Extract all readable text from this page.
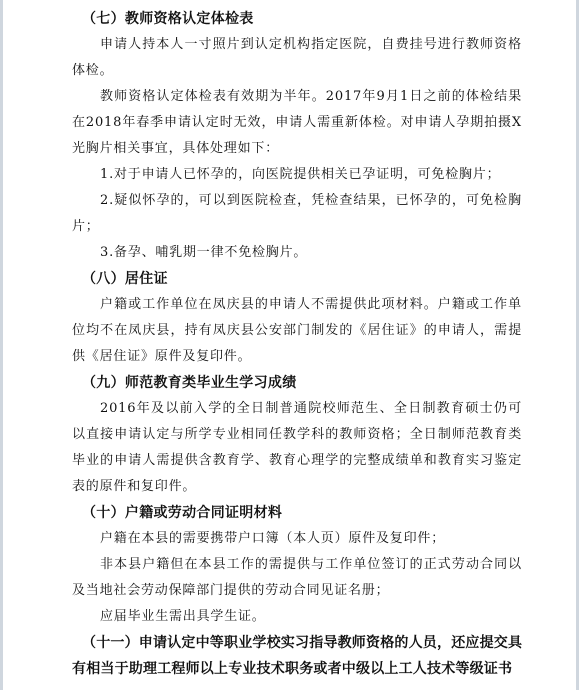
（七）教师资格认定体检表

申请人持本人一寸照片到认定机构指定医院，自费挂号进行教师资格体检。

教师资格认定体检表有效期为半年。2017年9月1日之前的体检结果在2018年春季申请认定时无效，申请人需重新体检。对申请人孕期拍摄X光胸片相关事宜，具体处理如下：

1.对于申请人已怀孕的，向医院提供相关已孕证明，可免检胸片；

2.疑似怀孕的，可以到医院检查，凭检查结果，已怀孕的，可免检胸片；

3.备孕、哺乳期一律不免检胸片。

（八）居住证

户籍或工作单位在凤庆县的申请人不需提供此项材料。户籍或工作单位均不在凤庆县，持有凤庆县公安部门制发的《居住证》的申请人，需提供《居住证》原件及复印件。

（九）师范教育类毕业生学习成绩

2016年及以前入学的全日制普通院校师范生、全日制教育硕士仍可以直接申请认定与所学专业相同任教学科的教师资格；全日制师范教育类毕业的申请人需提供含教育学、教育心理学的完整成绩单和教育实习鉴定表的原件和复印件。

（十）户籍或劳动合同证明材料

户籍在本县的需要携带户口簿（本人页）原件及复印件；

非本县户籍但在本县工作的需提供与工作单位签订的正式劳动合同以及当地社会劳动保障部门提供的劳动合同见证名册；

应届毕业生需出具学生证。

（十一）申请认定中等职业学校实习指导教师资格的人员，还应提交具有相当于助理工程师以上专业技术职务或者中级以上工人技术等级证书
